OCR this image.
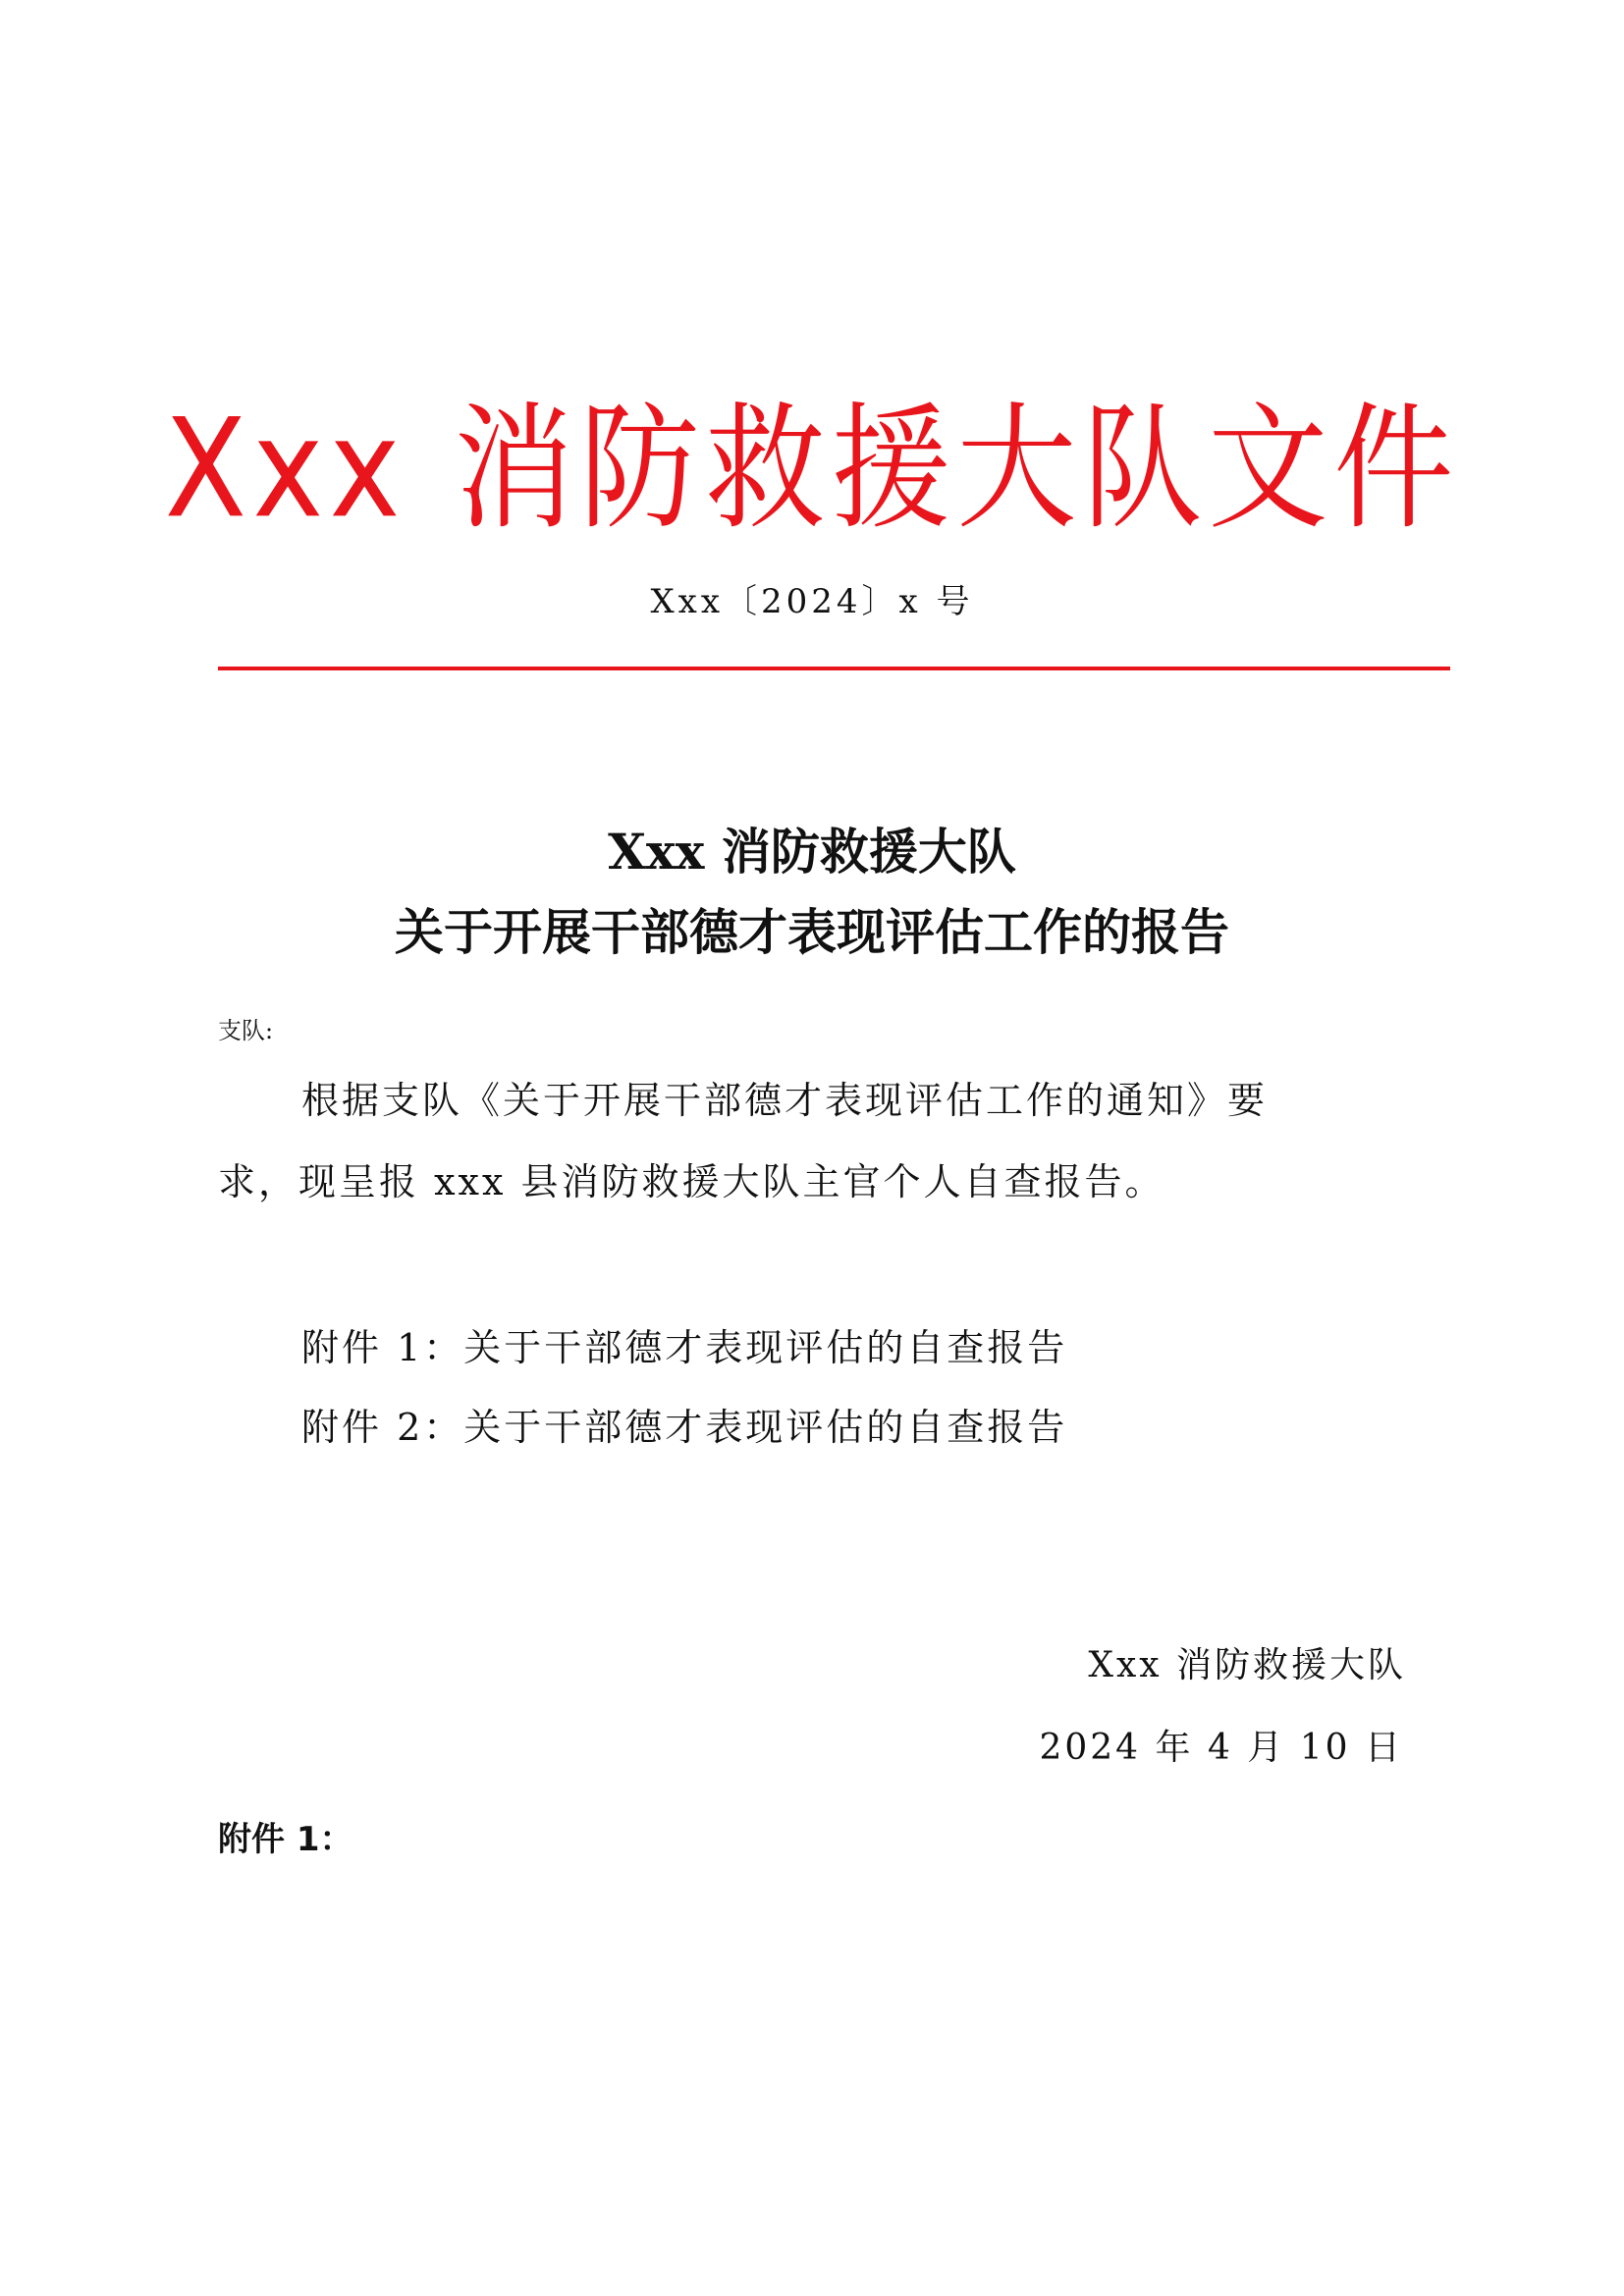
Xxx 消防救援大队文件
Xxx〔2024〕x 号
Xxx 消防救援大队
关于开展干部德才表现评估工作的报告
支队:
根据支队《关于开展干部德才表现评估工作的通知》要
求，现呈报 xxx 县消防救援大队主官个人自查报告。
附件 1：关于干部德才表现评估的自查报告
附件 2：关于干部德才表现评估的自查报告
Xxx 消防救援大队
2024 年 4 月 10 日
附件 1：
